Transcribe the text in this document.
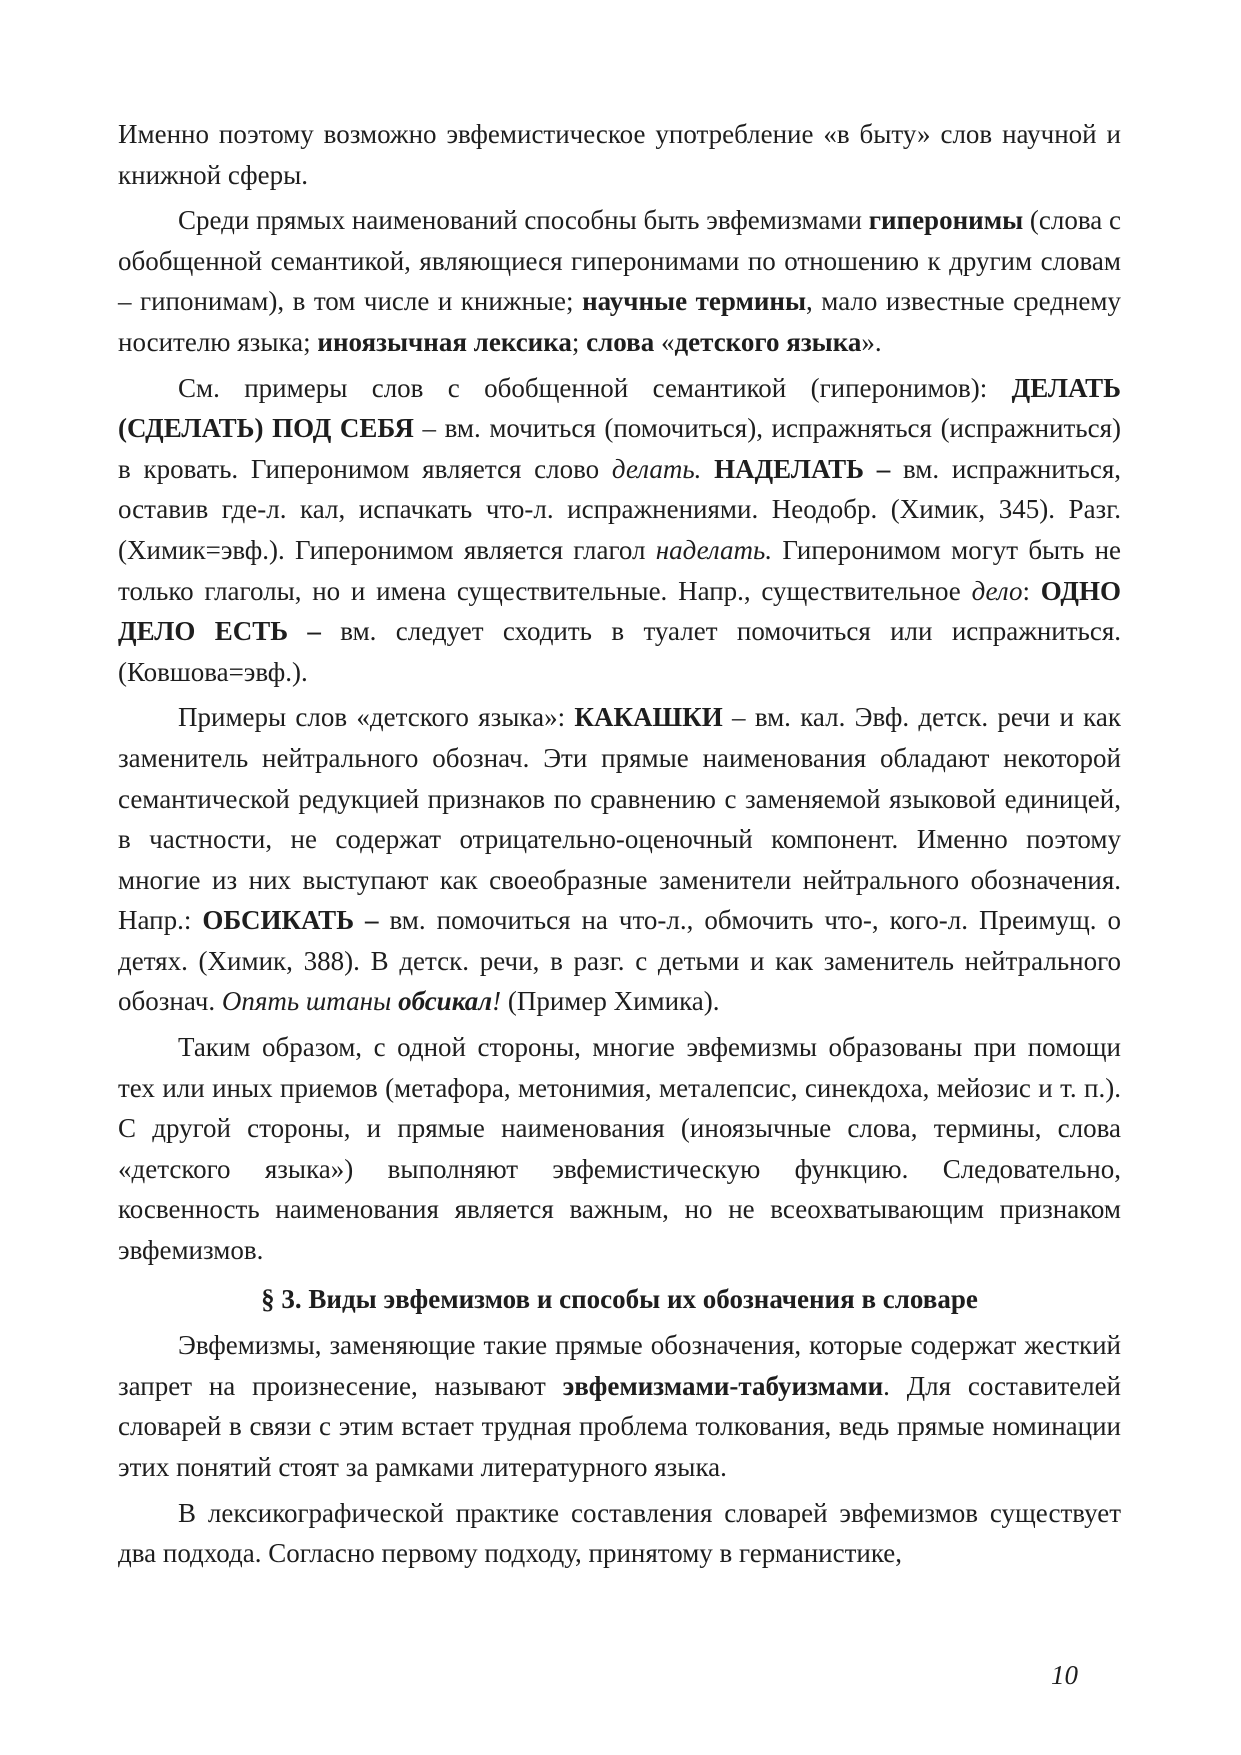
Именно поэтому возможно эвфемистическое употребление «в быту» слов научной и книжной сферы.

Среди прямых наименований способны быть эвфемизмами гиперонимы (слова с обобщенной семантикой, являющиеся гиперонимами по отношению к другим словам – гипонимам), в том числе и книжные; научные термины, мало известные среднему носителю языка; иноязычная лексика; слова «детского языка».

См. примеры слов с обобщенной семантикой (гиперонимов): ДЕЛАТЬ (СДЕЛАТЬ) ПОД СЕБЯ – вм. мочиться (помочиться), испражняться (испражниться) в кровать. Гиперонимом является слово делать. НАДЕЛАТЬ – вм. испражниться, оставив где-л. кал, испачкать что-л. испражнениями. Неодобр. (Химик, 345). Разг. (Химик=эвф.). Гиперонимом является глагол наделать. Гиперонимом могут быть не только глаголы, но и имена существительные. Напр., существительное дело: ОДНО ДЕЛО ЕСТЬ – вм. следует сходить в туалет помочиться или испражниться. (Ковшова=эвф.).

Примеры слов «детского языка»: КАКАШКИ – вм. кал. Эвф. детск. речи и как заменитель нейтрального обознач. Эти прямые наименования обладают некоторой семантической редукцией признаков по сравнению с заменяемой языковой единицей, в частности, не содержат отрицательно-оценочный компонент. Именно поэтому многие из них выступают как своеобразные заменители нейтрального обозначения. Напр.: ОБСИКАТЬ – вм. помочиться на что-л., обмочить что-, кого-л. Преимущ. о детях. (Химик, 388). В детск. речи, в разг. с детьми и как заменитель нейтрального обознач. Опять штаны обсикал! (Пример Химика).

Таким образом, с одной стороны, многие эвфемизмы образованы при помощи тех или иных приемов (метафора, метонимия, металепсис, синекдоха, мейозис и т. п.). С другой стороны, и прямые наименования (иноязычные слова, термины, слова «детского языка») выполняют эвфемистическую функцию. Следовательно, косвенность наименования является важным, но не всеохватывающим признаком эвфемизмов.

§ 3. Виды эвфемизмов и способы их обозначения в словаре

Эвфемизмы, заменяющие такие прямые обозначения, которые содержат жесткий запрет на произнесение, называют эвфемизмами-табуизмами. Для составителей словарей в связи с этим встает трудная проблема толкования, ведь прямые номинации этих понятий стоят за рамками литературного языка.

В лексикографической практике составления словарей эвфемизмов существует два подхода. Согласно первому подходу, принятому в германистике,

10
